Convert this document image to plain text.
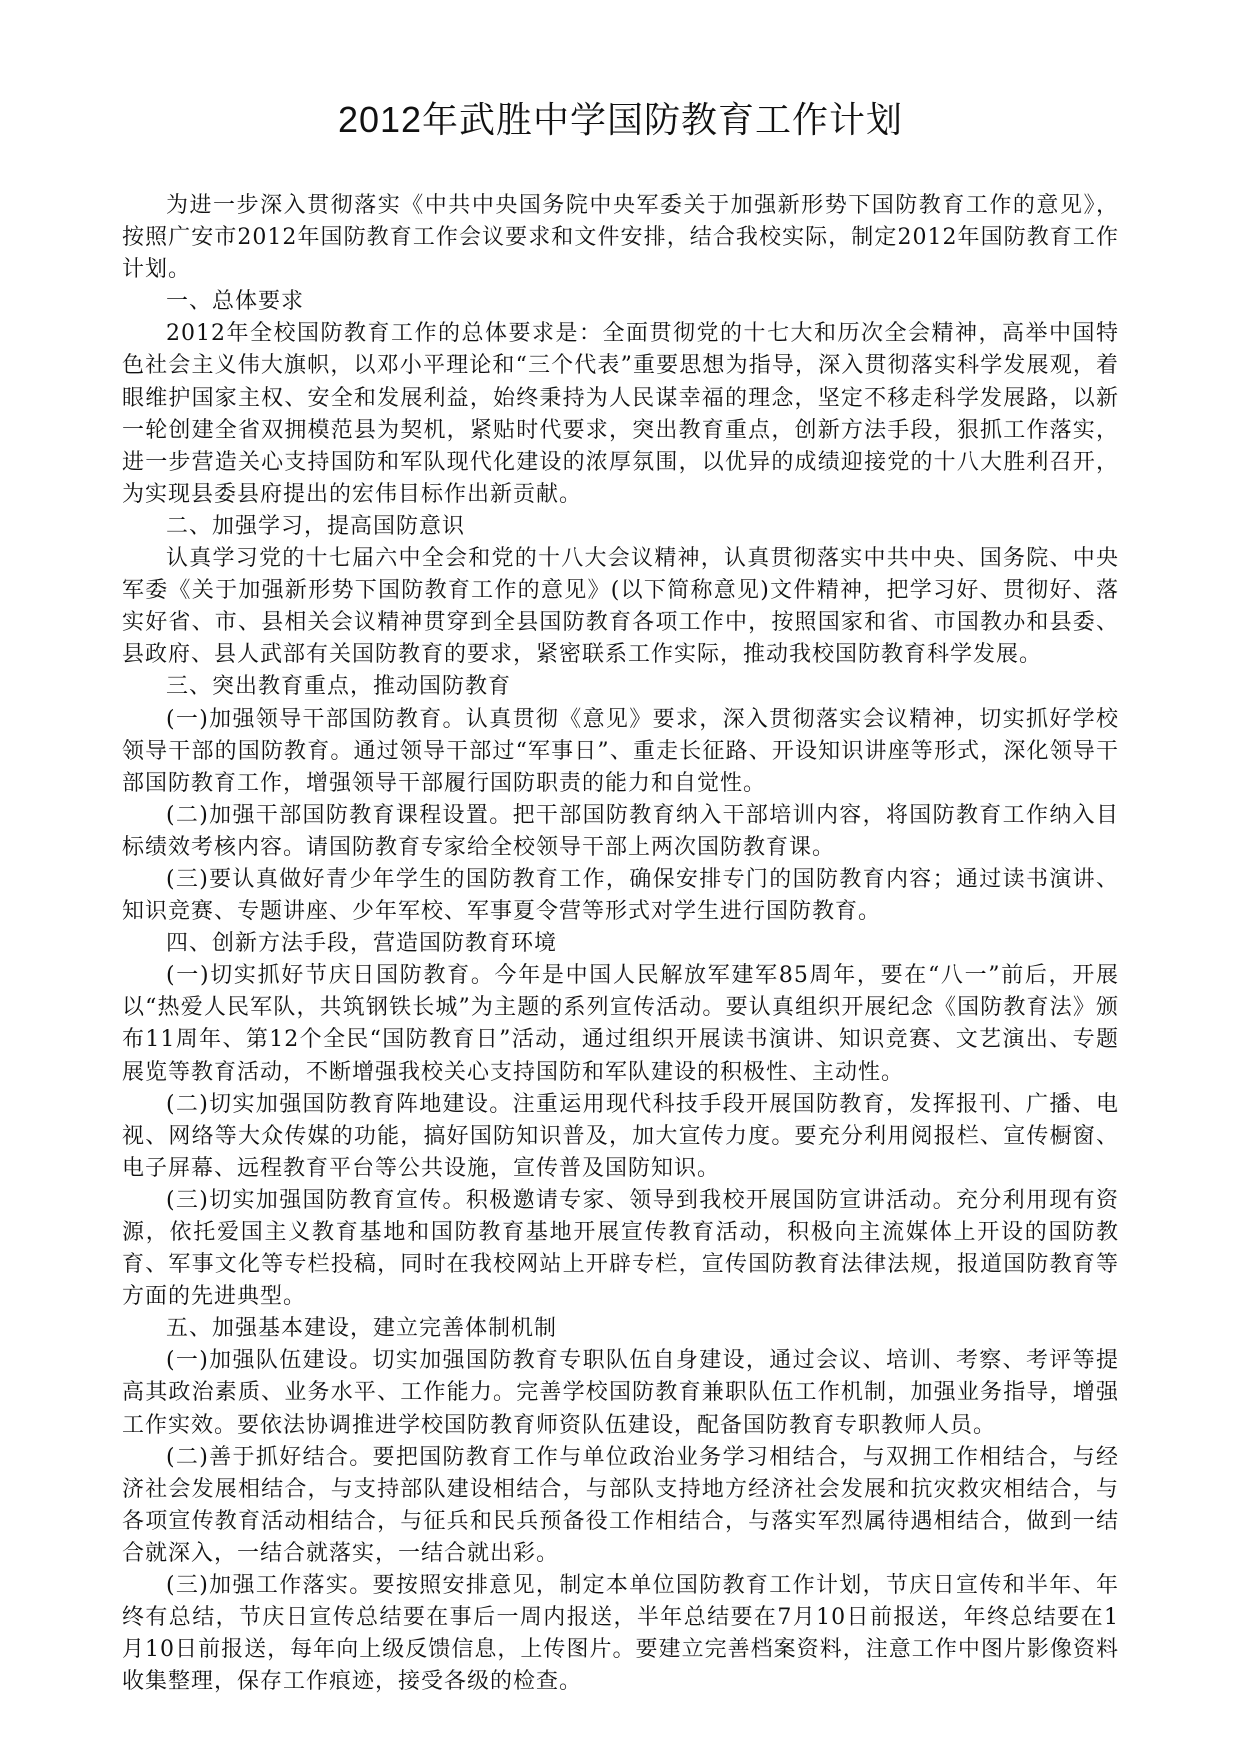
2012年武胜中学国防教育工作计划

为进一步深入贯彻落实《中共中央国务院中央军委关于加强新形势下国防教育工作的意见》，按照广安市2012年国防教育工作会议要求和文件安排，结合我校实际，制定2012年国防教育工作计划。

一、总体要求

2012年全校国防教育工作的总体要求是：全面贯彻党的十七大和历次全会精神，高举中国特色社会主义伟大旗帜，以邓小平理论和“三个代表”重要思想为指导，深入贯彻落实科学发展观，着眼维护国家主权、安全和发展利益，始终秉持为人民谋幸福的理念，坚定不移走科学发展路，以新一轮创建全省双拥模范县为契机，紧贴时代要求，突出教育重点，创新方法手段，狠抓工作落实，进一步营造关心支持国防和军队现代化建设的浓厚氛围，以优异的成绩迎接党的十八大胜利召开，为实现县委县府提出的宏伟目标作出新贡献。

二、加强学习，提高国防意识

认真学习党的十七届六中全会和党的十八大会议精神，认真贯彻落实中共中央、国务院、中央军委《关于加强新形势下国防教育工作的意见》(以下简称意见)文件精神，把学习好、贯彻好、落实好省、市、县相关会议精神贯穿到全县国防教育各项工作中，按照国家和省、市国教办和县委、县政府、县人武部有关国防教育的要求，紧密联系工作实际，推动我校国防教育科学发展。

三、突出教育重点，推动国防教育

(一)加强领导干部国防教育。认真贯彻《意见》要求，深入贯彻落实会议精神，切实抓好学校领导干部的国防教育。通过领导干部过“军事日”、重走长征路、开设知识讲座等形式，深化领导干部国防教育工作，增强领导干部履行国防职责的能力和自觉性。

(二)加强干部国防教育课程设置。把干部国防教育纳入干部培训内容，将国防教育工作纳入目标绩效考核内容。请国防教育专家给全校领导干部上两次国防教育课。

(三)要认真做好青少年学生的国防教育工作，确保安排专门的国防教育内容；通过读书演讲、知识竞赛、专题讲座、少年军校、军事夏令营等形式对学生进行国防教育。

四、创新方法手段，营造国防教育环境

(一)切实抓好节庆日国防教育。今年是中国人民解放军建军85周年，要在“八一”前后，开展以“热爱人民军队，共筑钢铁长城”为主题的系列宣传活动。要认真组织开展纪念《国防教育法》颁布11周年、第12个全民“国防教育日”活动，通过组织开展读书演讲、知识竞赛、文艺演出、专题展览等教育活动，不断增强我校关心支持国防和军队建设的积极性、主动性。

(二)切实加强国防教育阵地建设。注重运用现代科技手段开展国防教育，发挥报刊、广播、电视、网络等大众传媒的功能，搞好国防知识普及，加大宣传力度。要充分利用阅报栏、宣传橱窗、电子屏幕、远程教育平台等公共设施，宣传普及国防知识。

(三)切实加强国防教育宣传。积极邀请专家、领导到我校开展国防宣讲活动。充分利用现有资源，依托爱国主义教育基地和国防教育基地开展宣传教育活动，积极向主流媒体上开设的国防教育、军事文化等专栏投稿，同时在我校网站上开辟专栏，宣传国防教育法律法规，报道国防教育等方面的先进典型。

五、加强基本建设，建立完善体制机制

(一)加强队伍建设。切实加强国防教育专职队伍自身建设，通过会议、培训、考察、考评等提高其政治素质、业务水平、工作能力。完善学校国防教育兼职队伍工作机制，加强业务指导，增强工作实效。要依法协调推进学校国防教育师资队伍建设，配备国防教育专职教师人员。

(二)善于抓好结合。要把国防教育工作与单位政治业务学习相结合，与双拥工作相结合，与经济社会发展相结合，与支持部队建设相结合，与部队支持地方经济社会发展和抗灾救灾相结合，与各项宣传教育活动相结合，与征兵和民兵预备役工作相结合，与落实军烈属待遇相结合，做到一结合就深入，一结合就落实，一结合就出彩。

(三)加强工作落实。要按照安排意见，制定本单位国防教育工作计划，节庆日宣传和半年、年终有总结，节庆日宣传总结要在事后一周内报送，半年总结要在7月10日前报送，年终总结要在1月10日前报送，每年向上级反馈信息，上传图片。要建立完善档案资料，注意工作中图片影像资料收集整理，保存工作痕迹，接受各级的检查。
